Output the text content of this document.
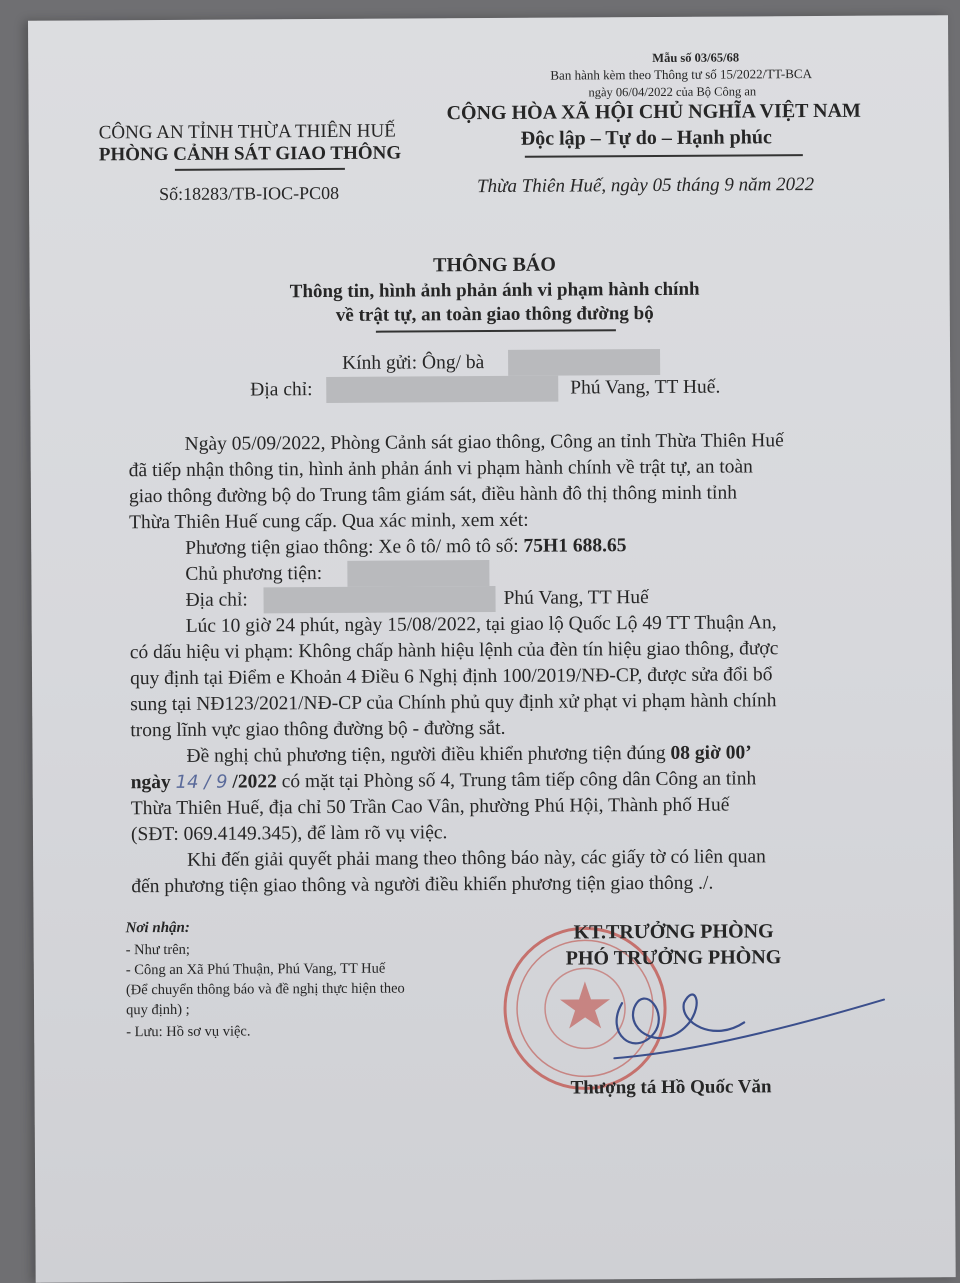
Mẫu số 03/65/68
Ban hành kèm theo Thông tư số 15/2022/TT-BCA
ngày 06/04/2022 của Bộ Công an
CÔNG AN TỈNH THỪA THIÊN HUẾ
PHÒNG CẢNH SÁT GIAO THÔNG
Số:18283/TB-IOC-PC08
CỘNG HÒA XÃ HỘI CHỦ NGHĨA VIỆT NAM
Độc lập – Tự do – Hạnh phúc
Thừa Thiên Huế, ngày 05 tháng 9 năm 2022
THÔNG BÁO
Thông tin, hình ảnh phản ánh vi phạm hành chính
về trật tự, an toàn giao thông đường bộ
Kính gửi: Ông/ bà
Địa chỉ:	Phú Vang, TT Huế.
Ngày 05/09/2022, Phòng Cảnh sát giao thông, Công an tỉnh Thừa Thiên Huế
đã tiếp nhận thông tin, hình ảnh phản ánh vi phạm hành chính về trật tự, an toàn
giao thông đường bộ do Trung tâm giám sát, điều hành đô thị thông minh tỉnh
Thừa Thiên Huế cung cấp. Qua xác minh, xem xét:
Phương tiện giao thông: Xe ô tô/ mô tô số: 75H1 688.65
Chủ phương tiện:
Địa chỉ:	Phú Vang, TT Huế
Lúc 10 giờ 24 phút, ngày 15/08/2022, tại giao lộ Quốc Lộ 49 TT Thuận An,
có dấu hiệu vi phạm: Không chấp hành hiệu lệnh của đèn tín hiệu giao thông, được
quy định tại Điểm e Khoản 4 Điều 6 Nghị định 100/2019/NĐ-CP, được sửa đổi bổ
sung tại NĐ123/2021/NĐ-CP của Chính phủ quy định xử phạt vi phạm hành chính
trong lĩnh vực giao thông đường bộ - đường sắt.
Đề nghị chủ phương tiện, người điều khiển phương tiện đúng 08 giờ 00’
ngày 14 / 9 /2022 có mặt tại Phòng số 4, Trung tâm tiếp công dân Công an tỉnh
Thừa Thiên Huế, địa chỉ 50 Trần Cao Vân, phường Phú Hội, Thành phố Huế
(SĐT: 069.4149.345), để làm rõ vụ việc.
Khi đến giải quyết phải mang theo thông báo này, các giấy tờ có liên quan
đến phương tiện giao thông và người điều khiển phương tiện giao thông ./.
Nơi nhận:
- Như trên;
- Công an Xã Phú Thuận, Phú Vang, TT Huế
(Để chuyển thông báo và đề nghị thực hiện theo
quy định) ;
- Lưu: Hồ sơ vụ việc.
KT.TRƯỞNG PHÒNG
PHÓ TRƯỞNG PHÒNG
Thượng tá Hồ Quốc Văn
